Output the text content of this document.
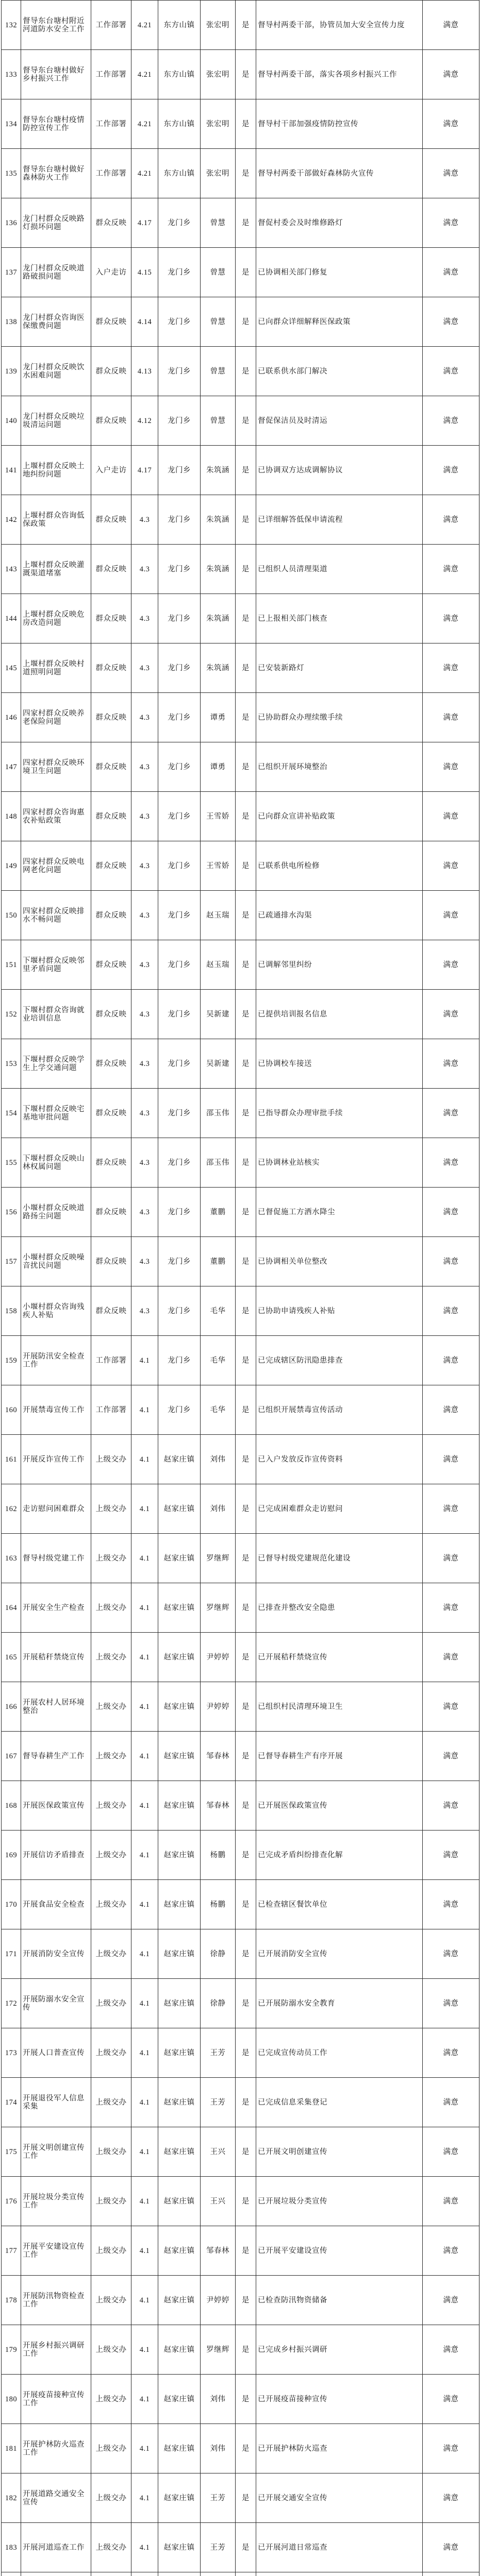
132	督导东台塘村附近河道防水安全工作	工作部署	4.21	东方山镇	张宏明	是	督导村两委干部，协管员加大安全宣传力度	满意
133	督导东台塘村做好乡村振兴工作	工作部署	4.21	东方山镇	张宏明	是	督导村两委干部，落实各项乡村振兴工作	满意
134	督导东台塘村疫情防控宣传工作	工作部署	4.21	东方山镇	张宏明	是	督导村干部加强疫情防控宣传	满意
135	督导东台塘村做好森林防火工作	工作部署	4.21	东方山镇	张宏明	是	督导村两委干部做好森林防火宣传	满意
136	龙门村群众反映路灯损坏问题	群众反映	4.17	龙门乡	曾慧	是	督促村委会及时维修路灯	满意
137	龙门村群众反映道路破损问题	入户走访	4.15	龙门乡	曾慧	是	已协调相关部门修复	满意
138	龙门村群众咨询医保缴费问题	群众反映	4.14	龙门乡	曾慧	是	已向群众详细解释医保政策	满意
139	龙门村群众反映饮水困难问题	群众反映	4.13	龙门乡	曾慧	是	已联系供水部门解决	满意
140	龙门村群众反映垃圾清运问题	群众反映	4.12	龙门乡	曾慧	是	督促保洁员及时清运	满意
141	上堰村群众反映土地纠纷问题	入户走访	4.17	龙门乡	朱筑涵	是	已协调双方达成调解协议	满意
142	上堰村群众咨询低保政策	群众反映	4.3	龙门乡	朱筑涵	是	已详细解答低保申请流程	满意
143	上堰村群众反映灌溉渠道堵塞	群众反映	4.3	龙门乡	朱筑涵	是	已组织人员清理渠道	满意
144	上堰村群众反映危房改造问题	群众反映	4.3	龙门乡	朱筑涵	是	已上报相关部门核查	满意
145	上堰村群众反映村道照明问题	群众反映	4.3	龙门乡	朱筑涵	是	已安装新路灯	满意
146	四家村群众反映养老保险问题	群众反映	4.3	龙门乡	谭勇	是	已协助群众办理续缴手续	满意
147	四家村群众反映环境卫生问题	群众反映	4.3	龙门乡	谭勇	是	已组织开展环境整治	满意
148	四家村群众咨询惠农补贴政策	群众反映	4.3	龙门乡	王雪娇	是	已向群众宣讲补贴政策	满意
149	四家村群众反映电网老化问题	群众反映	4.3	龙门乡	王雪娇	是	已联系供电所检修	满意
150	四家村群众反映排水不畅问题	群众反映	4.3	龙门乡	赵玉瑞	是	已疏通排水沟渠	满意
151	下堰村群众反映邻里矛盾问题	群众反映	4.3	龙门乡	赵玉瑞	是	已调解邻里纠纷	满意
152	下堰村群众咨询就业培训信息	群众反映	4.3	龙门乡	吴新建	是	已提供培训报名信息	满意
153	下堰村群众反映学生上学交通问题	群众反映	4.3	龙门乡	吴新建	是	已协调校车接送	满意
154	下堰村群众反映宅基地审批问题	群众反映	4.3	龙门乡	邵玉伟	是	已指导群众办理审批手续	满意
155	下堰村群众反映山林权属问题	群众反映	4.3	龙门乡	邵玉伟	是	已协调林业站核实	满意
156	小堰村群众反映道路扬尘问题	群众反映	4.3	龙门乡	董鹏	是	已督促施工方洒水降尘	满意
157	小堰村群众反映噪音扰民问题	群众反映	4.3	龙门乡	董鹏	是	已协调相关单位整改	满意
158	小堰村群众咨询残疾人补贴	群众反映	4.3	龙门乡	毛华	是	已协助申请残疾人补贴	满意
159	开展防汛安全检查工作	工作部署	4.1	龙门乡	毛华	是	已完成辖区防汛隐患排查	满意
160	开展禁毒宣传工作	工作部署	4.1	龙门乡	毛华	是	已组织开展禁毒宣传活动	满意
161	开展反诈宣传工作	上级交办	4.1	赵家庄镇	刘伟	是	已入户发放反诈宣传资料	满意
162	走访慰问困难群众	上级交办	4.1	赵家庄镇	刘伟	是	已完成困难群众走访慰问	满意
163	督导村级党建工作	上级交办	4.1	赵家庄镇	罗继辉	是	已督导村级党建规范化建设	满意
164	开展安全生产检查	上级交办	4.1	赵家庄镇	罗继辉	是	已排查并整改安全隐患	满意
165	开展秸秆禁烧宣传	上级交办	4.1	赵家庄镇	尹婷婷	是	已开展秸秆禁烧宣传	满意
166	开展农村人居环境整治	上级交办	4.1	赵家庄镇	尹婷婷	是	已组织村民清理环境卫生	满意
167	督导春耕生产工作	上级交办	4.1	赵家庄镇	邹春林	是	已督导春耕生产有序开展	满意
168	开展医保政策宣传	上级交办	4.1	赵家庄镇	邹春林	是	已开展医保政策宣传	满意
169	开展信访矛盾排查	上级交办	4.1	赵家庄镇	杨鹏	是	已完成矛盾纠纷排查化解	满意
170	开展食品安全检查	上级交办	4.1	赵家庄镇	杨鹏	是	已检查辖区餐饮单位	满意
171	开展消防安全宣传	上级交办	4.1	赵家庄镇	徐静	是	已开展消防安全宣传	满意
172	开展防溺水安全宣传	上级交办	4.1	赵家庄镇	徐静	是	已开展防溺水安全教育	满意
173	开展人口普查宣传	上级交办	4.1	赵家庄镇	王芳	是	已完成宣传动员工作	满意
174	开展退役军人信息采集	上级交办	4.1	赵家庄镇	王芳	是	已完成信息采集登记	满意
175	开展文明创建宣传工作	上级交办	4.1	赵家庄镇	王兴	是	已开展文明创建宣传	满意
176	开展垃圾分类宣传工作	上级交办	4.1	赵家庄镇	王兴	是	已开展垃圾分类宣传	满意
177	开展平安建设宣传工作	上级交办	4.1	赵家庄镇	邹春林	是	已开展平安建设宣传	满意
178	开展防汛物资检查工作	上级交办	4.1	赵家庄镇	尹婷婷	是	已检查防汛物资储备	满意
179	开展乡村振兴调研工作	上级交办	4.1	赵家庄镇	罗继辉	是	已完成乡村振兴调研	满意
180	开展疫苗接种宣传工作	上级交办	4.1	赵家庄镇	刘伟	是	已开展疫苗接种宣传	满意
181	开展护林防火巡查工作	上级交办	4.1	赵家庄镇	刘伟	是	已开展护林防火巡查	满意
182	开展道路交通安全宣传	上级交办	4.1	赵家庄镇	王芳	是	已开展交通安全宣传	满意
183	开展河道巡查工作	上级交办	4.1	赵家庄镇	王芳	是	已开展河道日常巡查	满意
